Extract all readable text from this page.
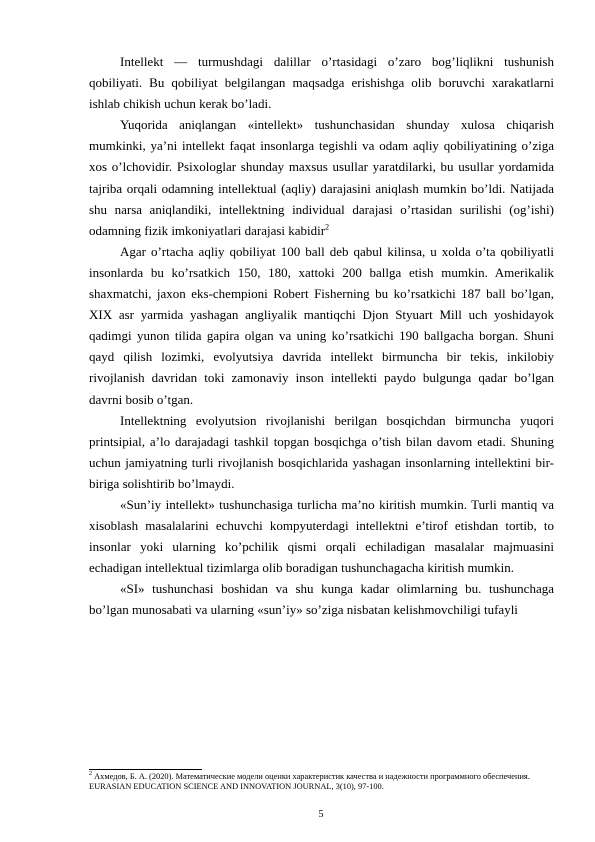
Intellekt — turmushdagi dalillar o’rtasidagi o’zaro bog’liqlikni tushunish qobiliyati. Bu qobiliyat belgilangan maqsadga erishishga olib boruvchi xarakatlarni ishlab chikish uchun kerak bo’ladi.

Yuqorida aniqlangan «intellekt» tushunchasidan shunday xulosa chiqarish mumkinki, ya’ni intellekt faqat insonlarga tegishli va odam aqliy qobiliyatining o’ziga xos o’lchovidir. Psixologlar shunday maxsus usullar yaratdilarki, bu usullar yordamida tajriba orqali odamning intellektual (aqliy) darajasini aniqlash mumkin bo’ldi. Natijada shu narsa aniqlandiki, intellektning individual darajasi o’rtasidan surilishi (og’ishi) odamning fizik imkoniyatlari darajasi kabidir$^2$

Agar o’rtacha aqliy qobiliyat 100 ball deb qabul kilinsa, u xolda o’ta qobiliyatli insonlarda bu ko’rsatkich 150, 180, xattoki 200 ballga etish mumkin. Amerikalik shaxmatchi, jaxon eks-chempioni Robert Fisherning bu ko’rsatkichi 187 ball bo’lgan, XIX asr yarmida yashagan angliyalik mantiqchi Djon Styuart Mill uch yoshidayok qadimgi yunon tilida gapira olgan va uning ko’rsatkichi 190 ballgacha borgan. Shuni qayd qilish lozimki, evolyutsiya davrida intellekt birmuncha bir tekis, inkilobiy rivojlanish davridan toki zamonaviy inson intellekti paydo bulgunga qadar bo’lgan davrni bosib o’tgan.

Intellektning evolyutsion rivojlanishi berilgan bosqichdan birmuncha yuqori printsipial, a’lo darajadagi tashkil topgan bosqichga o’tish bilan davom etadi. Shuning uchun jamiyatning turli rivojlanish bosqichlarida yashagan insonlarning intellektini bir-biriga solishtirib bo’lmaydi.

«Sun’iy intellekt» tushunchasiga turlicha ma’no kiritish mumkin. Turli mantiq va xisoblash masalalarini echuvchi kompyuterdagi intellektni e’tirof etishdan tortib, to insonlar yoki ularning ko’pchilik qismi orqali echiladigan masalalar majmuasini echadigan intellektual tizimlarga olib boradigan tushunchagacha kiritish mumkin.

«SI» tushunchasi boshidan va shu kunga kadar olimlarning bu. tushunchaga bo’lgan munosabati va ularning «sun’iy» so’ziga nisbatan kelishmovchiligi tufayli

$^2$ Ахмедов, Б. А. (2020). Математические модели оценки характеристик качества и надежности программного обеспечения. EURASIAN EDUCATION SCIENCE AND INNOVATION JOURNAL, 3(10), 97-100.
5
